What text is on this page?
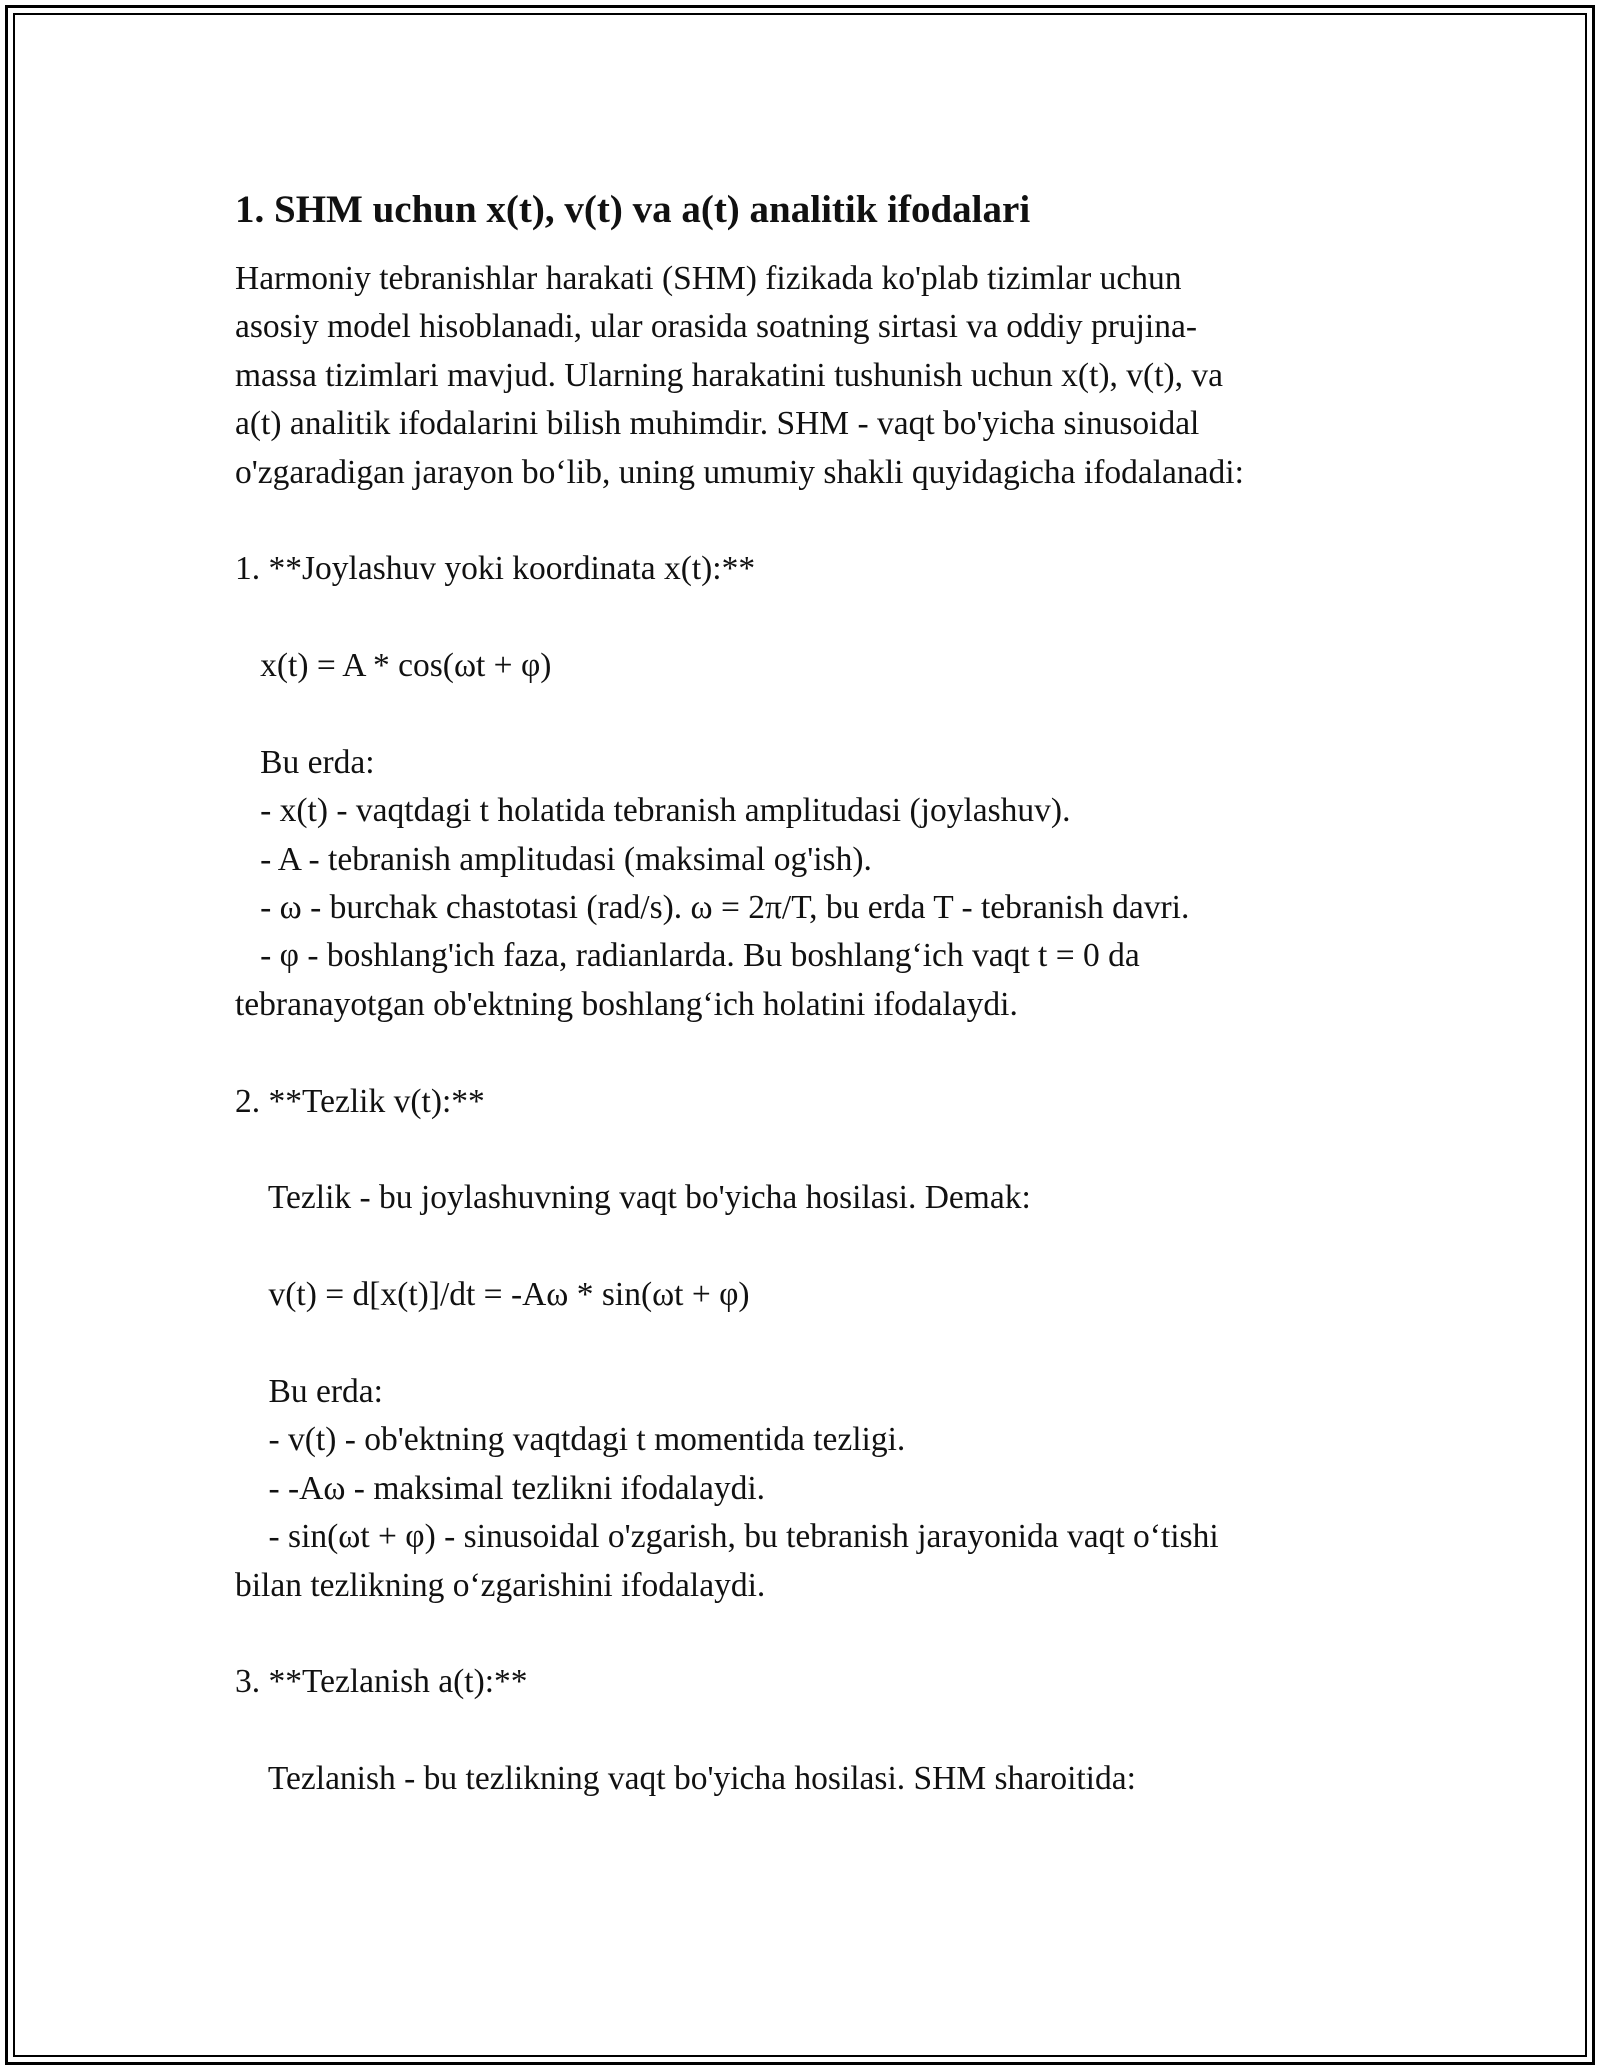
1. SHM uchun x(t), v(t) va a(t) analitik ifodalari

Harmoniy tebranishlar harakati (SHM) fizikada ko'plab tizimlar uchun

asosiy model hisoblanadi, ular orasida soatning sirtasi va oddiy prujina-

massa tizimlari mavjud. Ularning harakatini tushunish uchun x(t), v(t), va

a(t) analitik ifodalarini bilish muhimdir. SHM - vaqt bo'yicha sinusoidal

o'zgaradigan jarayon bo‘lib, uning umumiy shakli quyidagicha ifodalanadi:

1. **Joylashuv yoki koordinata x(t):**

x(t) = A * cos(ωt + φ)

Bu erda:

- x(t) - vaqtdagi t holatida tebranish amplitudasi (joylashuv).

- A - tebranish amplitudasi (maksimal og'ish).

- ω - burchak chastotasi (rad/s). ω = 2π/T, bu erda T - tebranish davri.

- φ - boshlang'ich faza, radianlarda. Bu boshlang‘ich vaqt t = 0 da

tebranayotgan ob'ektning boshlang‘ich holatini ifodalaydi.

2. **Tezlik v(t):**

Tezlik - bu joylashuvning vaqt bo'yicha hosilasi. Demak:

v(t) = d[x(t)]/dt = -Aω * sin(ωt + φ)

Bu erda:

- v(t) - ob'ektning vaqtdagi t momentida tezligi.

- -Aω - maksimal tezlikni ifodalaydi.

- sin(ωt + φ) - sinusoidal o'zgarish, bu tebranish jarayonida vaqt o‘tishi

bilan tezlikning o‘zgarishini ifodalaydi.

3. **Tezlanish a(t):**

Tezlanish - bu tezlikning vaqt bo'yicha hosilasi. SHM sharoitida:
